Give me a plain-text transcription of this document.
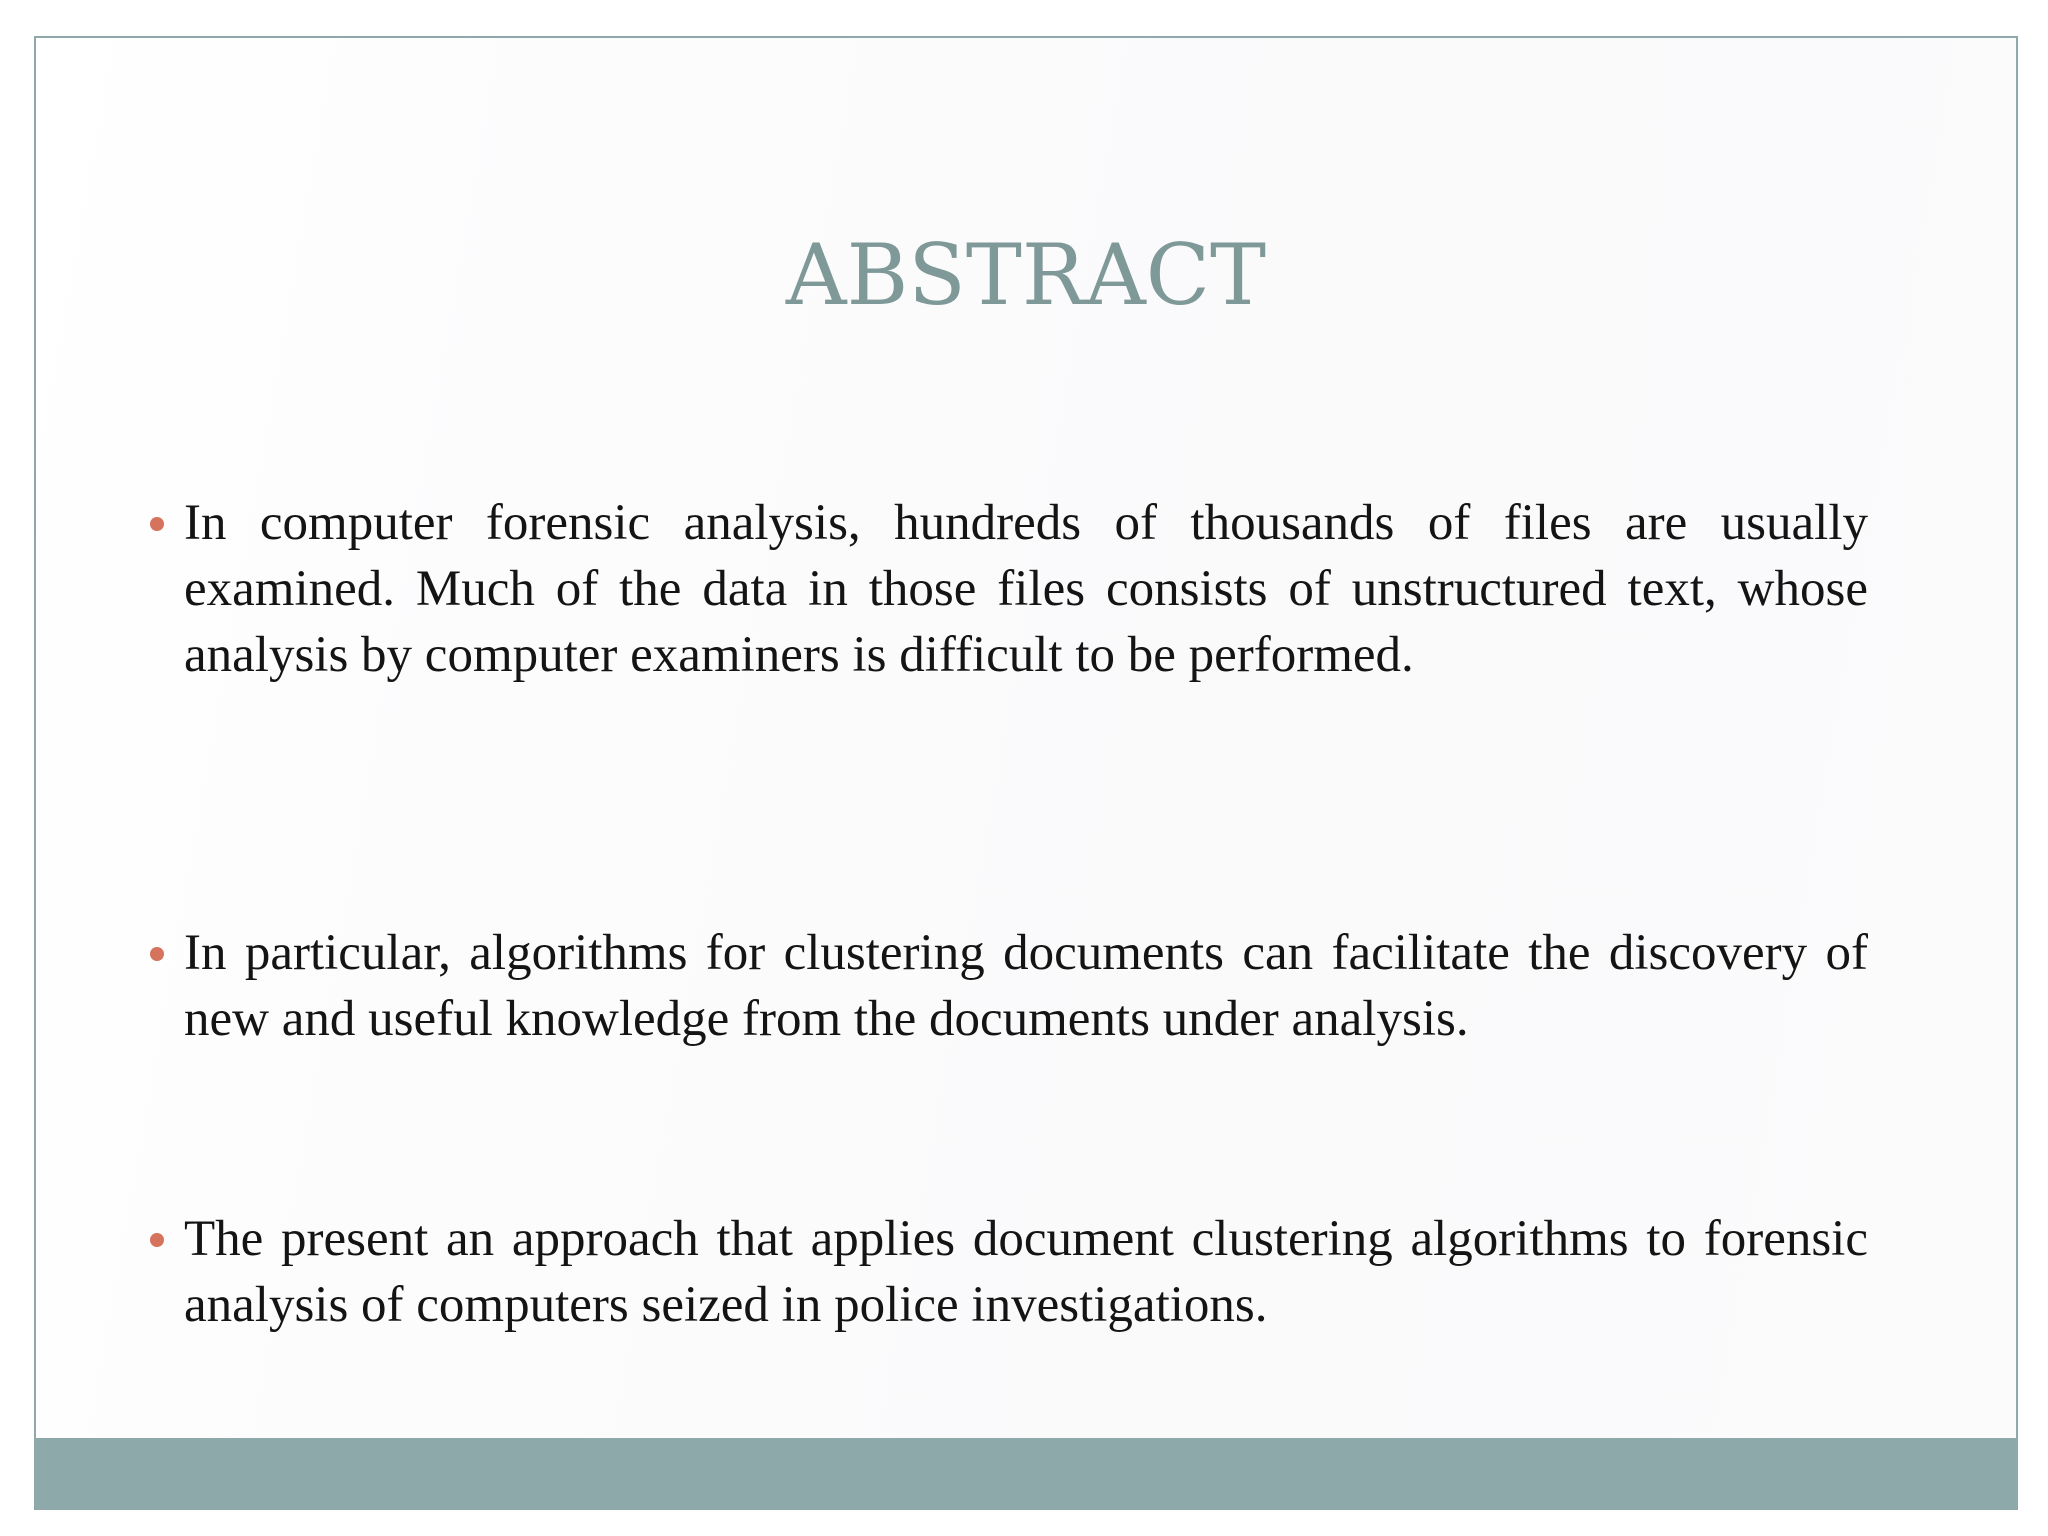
ABSTRACT
In computer forensic analysis, hundreds of thousands of files are usually examined. Much of the data in those files consists of unstructured text, whose analysis by computer examiners is difficult to be performed.
In particular, algorithms for clustering documents can facilitate the discovery of new and useful knowledge from the documents under analysis.
The present an approach that applies document clustering algorithms to forensic analysis of computers seized in police investigations.
